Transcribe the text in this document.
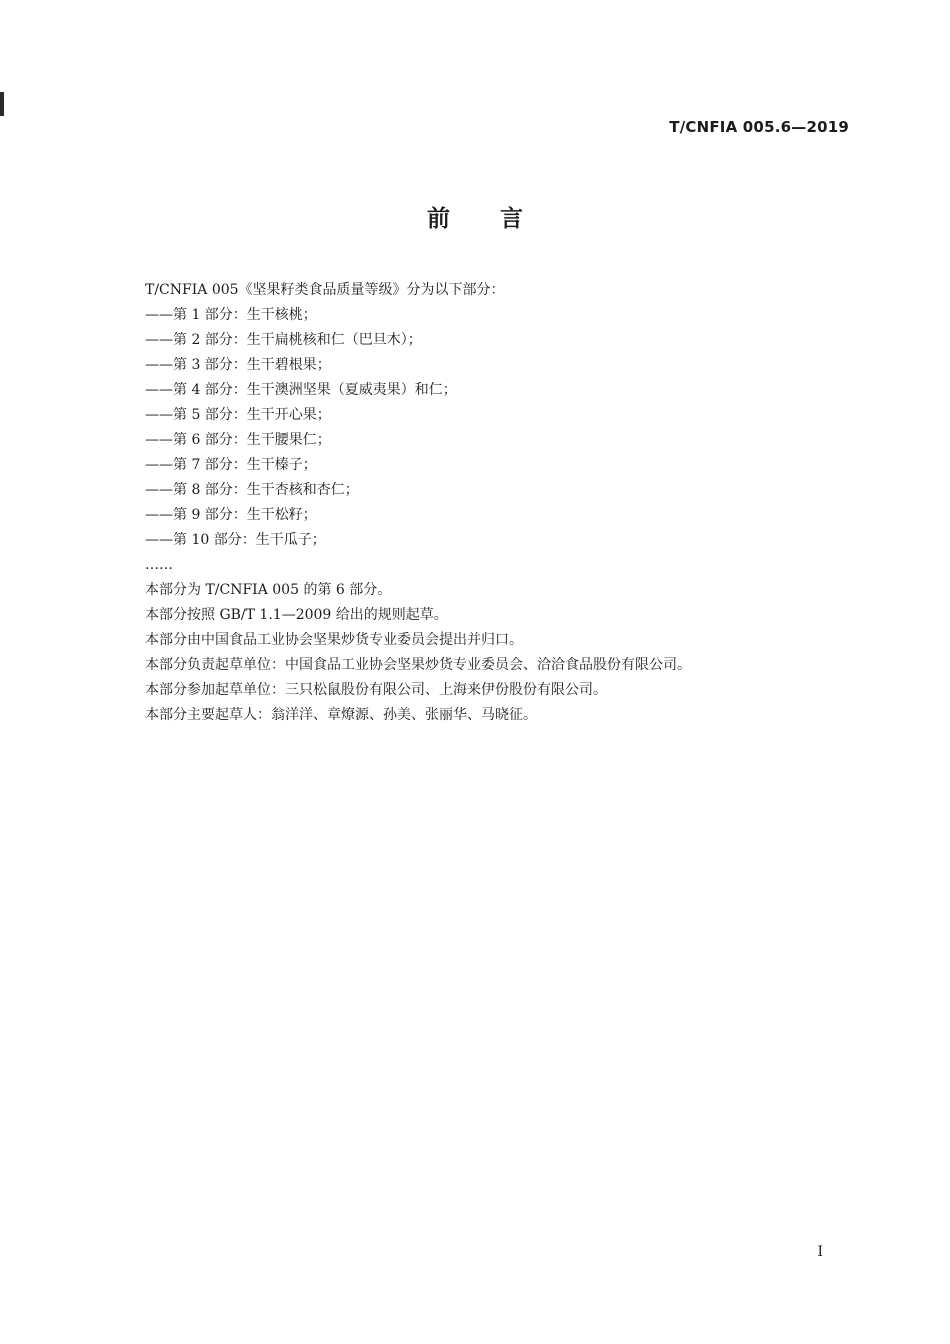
T/CNFIA 005.6—2019
前言
T/CNFIA 005《坚果籽类食品质量等级》分为以下部分：
——第 1 部分：生干核桃；
——第 2 部分：生干扁桃核和仁（巴旦木）；
——第 3 部分：生干碧根果；
——第 4 部分：生干澳洲坚果（夏威夷果）和仁；
——第 5 部分：生干开心果；
——第 6 部分：生干腰果仁；
——第 7 部分：生干榛子；
——第 8 部分：生干杏核和杏仁；
——第 9 部分：生干松籽；
——第 10 部分：生干瓜子；
……
本部分为 T/CNFIA 005 的第 6 部分。
本部分按照 GB/T 1.1—2009 给出的规则起草。
本部分由中国食品工业协会坚果炒货专业委员会提出并归口。
本部分负责起草单位：中国食品工业协会坚果炒货专业委员会、洽洽食品股份有限公司。
本部分参加起草单位：三只松鼠股份有限公司、上海来伊份股份有限公司。
本部分主要起草人：翁洋洋、章燎源、孙美、张丽华、马晓征。
I
